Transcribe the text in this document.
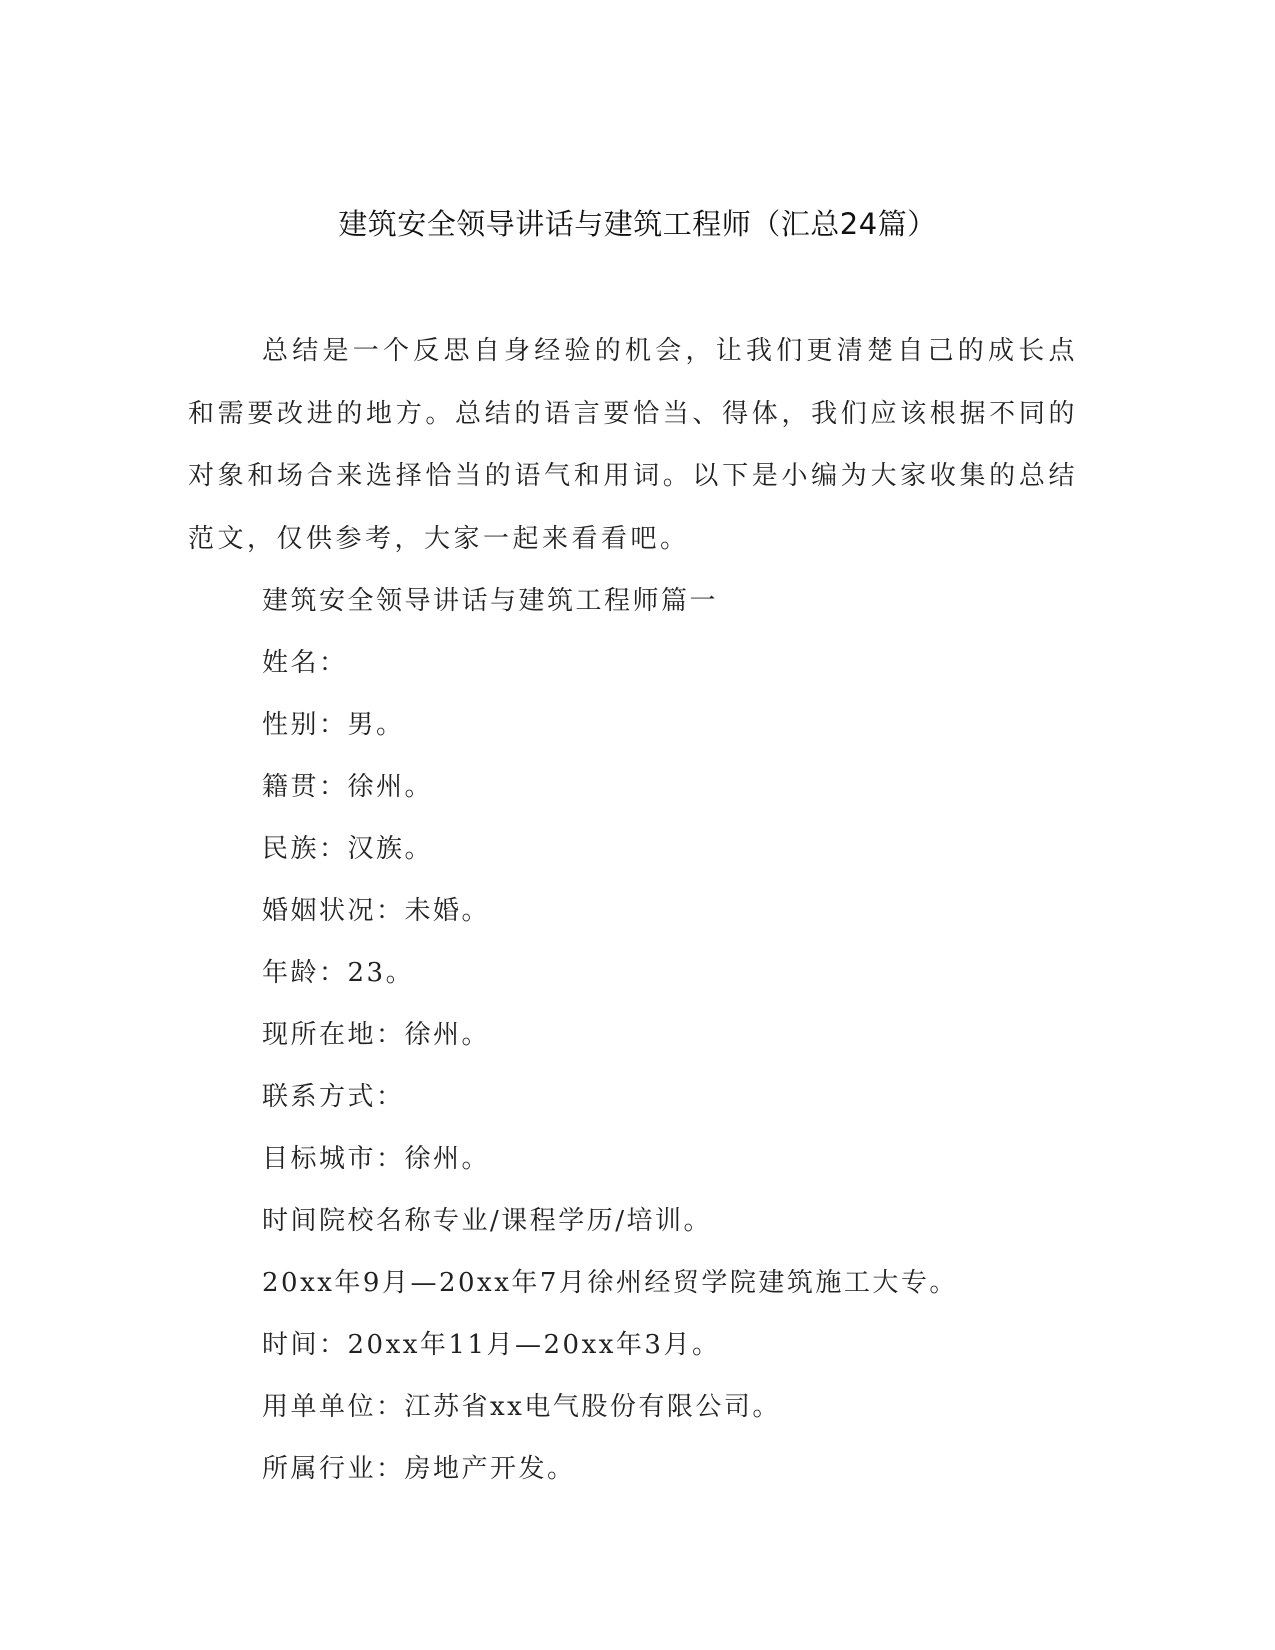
建筑安全领导讲话与建筑工程师（汇总24篇）

总结是一个反思自身经验的机会，让我们更清楚自己的成长点和需要改进的地方。总结的语言要恰当、得体，我们应该根据不同的对象和场合来选择恰当的语气和用词。以下是小编为大家收集的总结范文，仅供参考，大家一起来看看吧。

建筑安全领导讲话与建筑工程师篇一

姓名：

性别：男。

籍贯：徐州。

民族：汉族。

婚姻状况：未婚。

年龄：23。

现所在地：徐州。

联系方式：

目标城市：徐州。

时间院校名称专业/课程学历/培训。

20xx年9月—20xx年7月徐州经贸学院建筑施工大专。

时间：20xx年11月—20xx年3月。

用单单位：江苏省xx电气股份有限公司。

所属行业：房地产开发。
